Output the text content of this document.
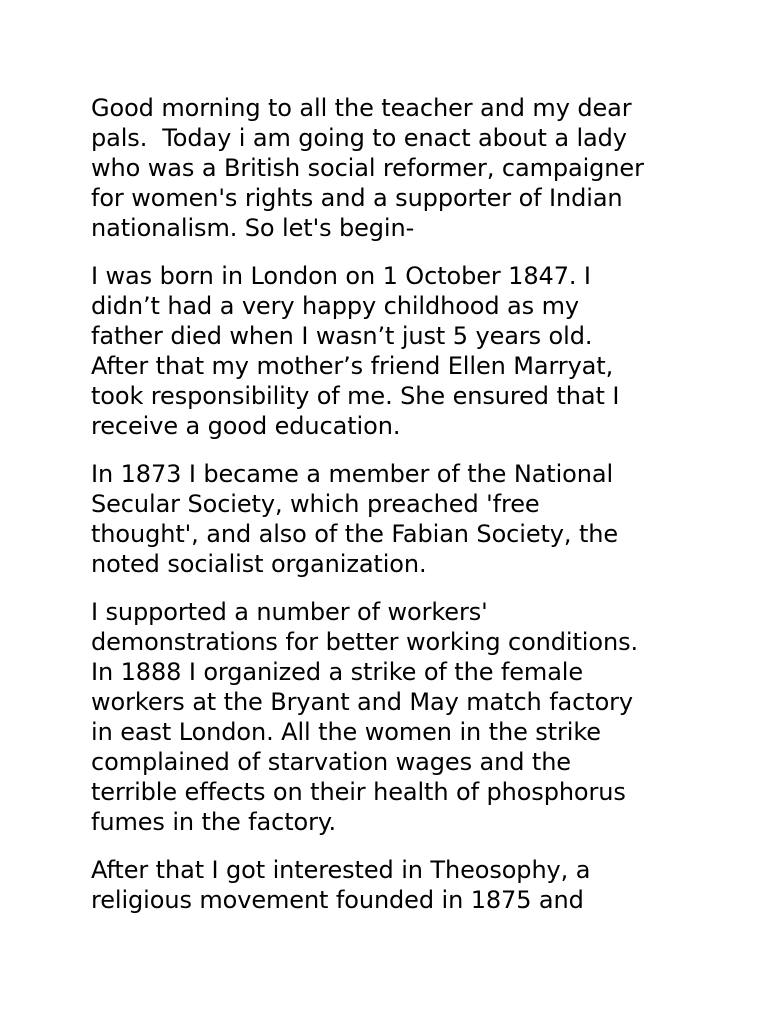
Good morning to all the teacher and my dear
pals.  Today i am going to enact about a lady
who was a British social reformer, campaigner
for women's rights and a supporter of Indian
nationalism. So let's begin-

I was born in London on 1 October 1847. I
didn’t had a very happy childhood as my
father died when I wasn’t just 5 years old.
After that my mother’s friend Ellen Marryat,
took responsibility of me. She ensured that I
receive a good education.

In 1873 I became a member of the National
Secular Society, which preached 'free
thought', and also of the Fabian Society, the
noted socialist organization.

I supported a number of workers'
demonstrations for better working conditions.
In 1888 I organized a strike of the female
workers at the Bryant and May match factory
in east London. All the women in the strike
complained of starvation wages and the
terrible effects on their health of phosphorus
fumes in the factory.

After that I got interested in Theosophy, a
religious movement founded in 1875 and
